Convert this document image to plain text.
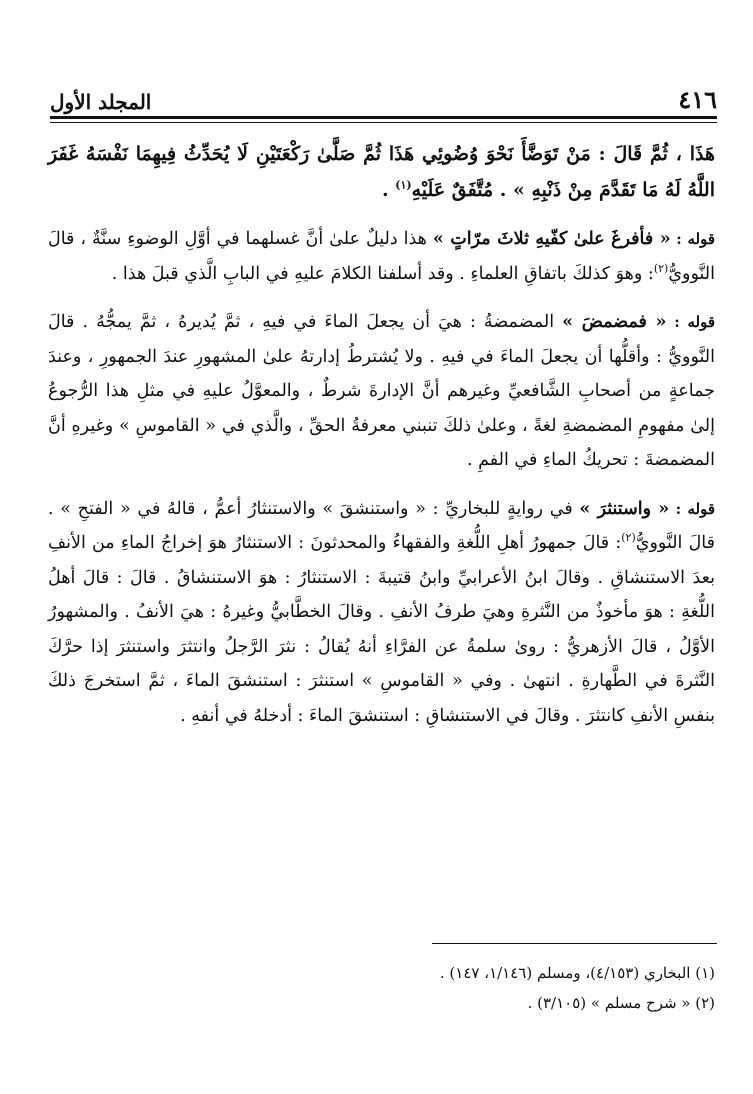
٤١٦
المجلد الأول

هَذَا ، ثُمَّ قَالَ : مَنْ تَوَضَّأَ نَحْوَ وُضُوئِي هَذَا ثُمَّ صَلَّىٰ رَكْعَتَيْنِ لَا يُحَدِّثُ فِيهِمَا نَفْسَهُ غَفَرَ اللَّهُ لَهُ مَا تَقَدَّمَ مِنْ ذَنْبِهِ » . مُتَّفَقٌ عَلَيْهِ$^{(١)}$ .

قوله : « فأفرغَ علىٰ كفّيهِ ثلاثَ مرّاتٍ » هذا دليلٌ علىٰ أنَّ غسلهما في أوَّلِ الوضوءِ سنَّةٌ ، قالَ النَّوويُّ$^{(٢)}$: وهوَ كذلكَ باتفاقِ العلماءِ . وقد أسلفنا الكلامَ عليهِ في البابِ الَّذي قبلَ هذا .

قوله : « فمضمضَ » المضمضةُ : هيَ أن يجعلَ الماءَ في فيهِ ، ثمَّ يُديرهُ ، ثمَّ يمجُّهُ . قالَ النَّوويُّ : وأقلُّها أن يجعلَ الماءَ في فيهِ . ولا يُشترطُ إدارتهُ علىٰ المشهورِ عندَ الجمهورِ ، وعندَ جماعةٍ من أصحابِ الشَّافعيِّ وغيرهم أنَّ الإدارةَ شرطٌ ، والمعوَّلُ عليهِ في مثلِ هذا الرُّجوعُ إلىٰ مفهومِ المضمضةِ لغةً ، وعلىٰ ذلكَ تنبني معرفةُ الحقِّ ، والَّذي في « القاموسِ » وغيرهِ أنَّ المضمضةَ : تحريكُ الماءِ في الفمِ .

قوله : « واستنثرَ » في روايةٍ للبخاريِّ : « واستنشقَ » والاستنثارُ أعمُّ ، قالهُ في « الفتحِ » . قالَ النَّوويُّ$^{(٢)}$: قالَ جمهورُ أهلِ اللُّغةِ والفقهاءُ والمحدثونَ : الاستنثارُ هوَ إخراجُ الماءِ من الأنفِ بعدَ الاستنشاقِ . وقالَ ابنُ الأعرابيِّ وابنُ قتيبةَ : الاستنثارُ : هوَ الاستنشاقُ . قالَ : قالَ أهلُ اللُّغةِ : هوَ مأخوذٌ من النَّثرةِ وهيَ طرفُ الأنفِ . وقالَ الخطَّابيُّ وغيرهُ : هيَ الأنفُ . والمشهورُ الأوَّلُ ، قالَ الأزهريُّ : روىٰ سلمةُ عن الفرَّاءِ أنهُ يُقالُ : نثرَ الرَّجلُ وانتثرَ واستنثرَ إذا حرَّكَ النَّثرةَ في الطَّهارةِ . انتهىٰ . وفي « القاموسِ » استنثرَ : استنشقَ الماءَ ، ثمَّ استخرجَ ذلكَ بنفسِ الأنفِ كانتثرَ . وقالَ في الاستنشاقِ : استنشقَ الماءَ : أدخلهُ في أنفهِ .

(١) البخاري (٤/١٥٣)، ومسلم (١/١٤٦، ١٤٧) .

(٢) « شرح مسلم » (٣/١٠٥) .
